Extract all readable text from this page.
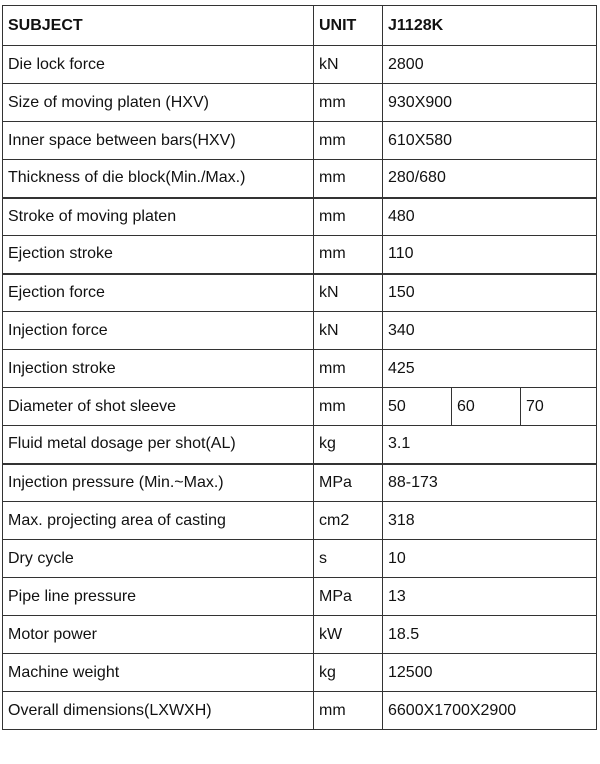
SUBJECT	UNIT	J1128K		
Die lock force	kN	2800		
Size of moving platen (HXV)	mm	930X900		
Inner space between bars(HXV)	mm	610X580		
Thickness of die block(Min./Max.)	mm	280/680		
Stroke of moving platen	mm	480		
Ejection stroke	mm	110		
Ejection force	kN	150		
Injection force	kN	340		
Injection stroke	mm	425		
Diameter of shot sleeve	mm	50	60	70
Fluid metal dosage per shot(AL)	kg	3.1		
Injection pressure (Min.~Max.)	MPa	88-173		
Max. projecting area of casting	cm2	318		
Dry cycle	s	10		
Pipe line pressure	MPa	13		
Motor power	kW	18.5		
Machine weight	kg	12500		
Overall dimensions(LXWXH)	mm	6600X1700X2900		
